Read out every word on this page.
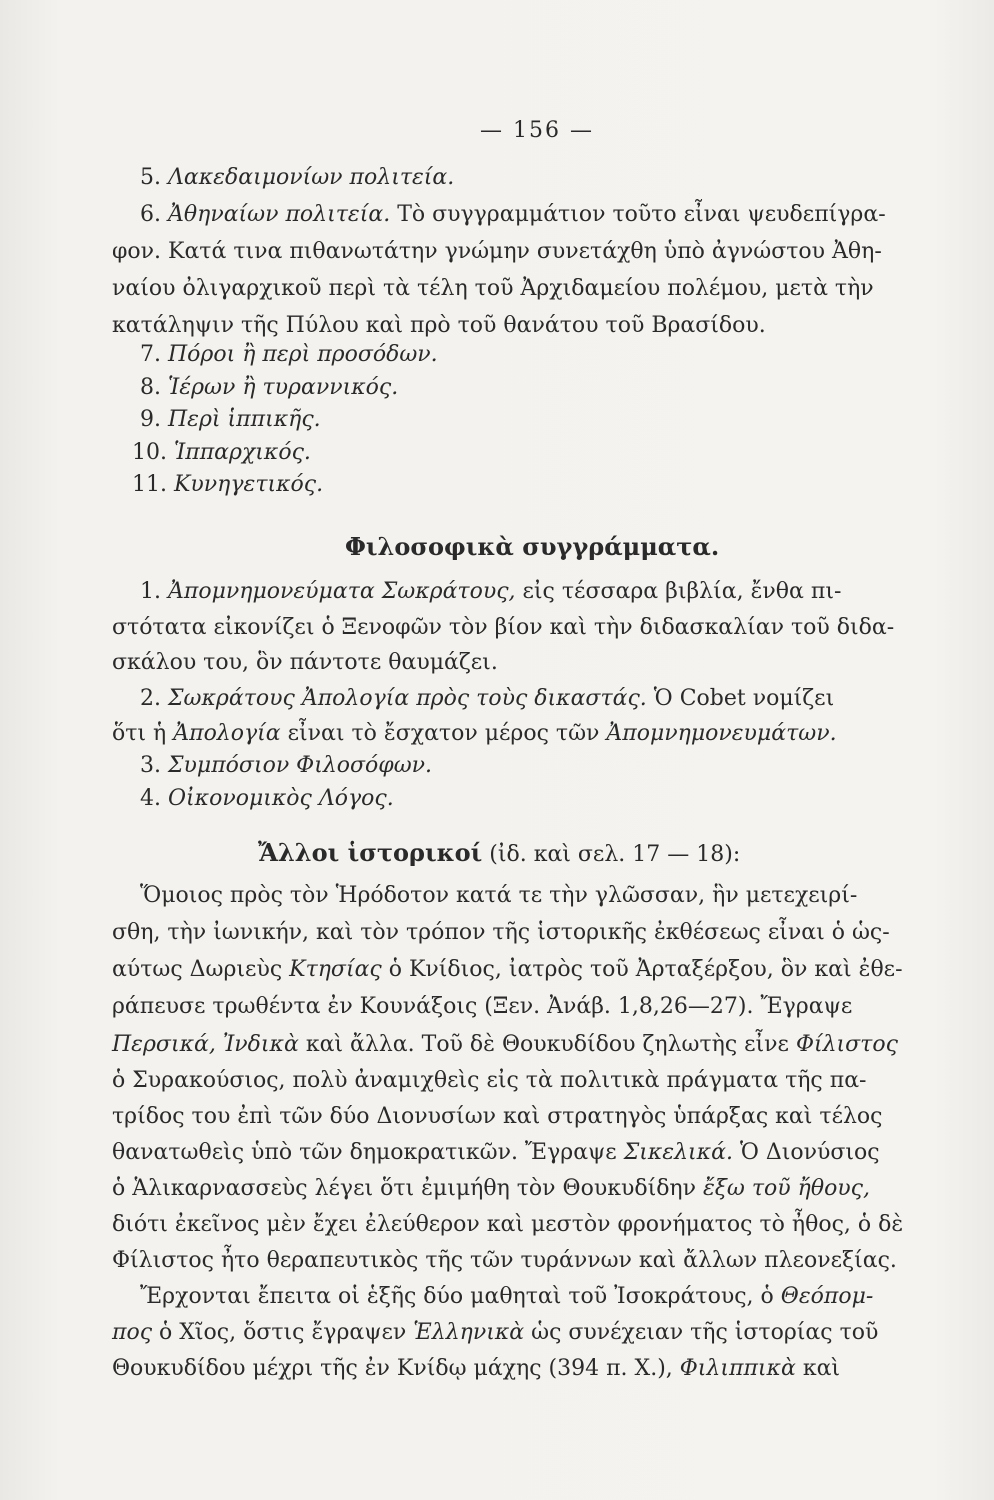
— 156 —
5. Λακεδαιμονίων πολιτεία.
6. Ἀθηναίων πολιτεία. Τὸ συγγραμμάτιον τοῦτο εἶναι ψευδεπίγρα-
φον. Κατά τινα πιθανωτάτην γνώμην συνετάχθη ὑπὸ ἀγνώστου Ἀθη-
ναίου ὀλιγαρχικοῦ περὶ τὰ τέλη τοῦ Ἀρχιδαμείου πολέμου, μετὰ τὴν
κατάληψιν τῆς Πύλου καὶ πρὸ τοῦ θανάτου τοῦ Βρασίδου.
7. Πόροι ἢ περὶ προσόδων.
8. Ἱέρων ἢ τυραννικός.
9. Περὶ ἱππικῆς.
10. Ἱππαρχικός.
11. Κυνηγετικός.
Φιλοσοφικὰ συγγράμματα.
1. Ἀπομνημονεύματα Σωκράτους, εἰς τέσσαρα βιβλία, ἔνθα πι-
στότατα εἰκονίζει ὁ Ξενοφῶν τὸν βίον καὶ τὴν διδασκαλίαν τοῦ διδα-
σκάλου του, ὃν πάντοτε θαυμάζει.
2. Σωκράτους Ἀπολογία πρὸς τοὺς δικαστάς. Ὁ Cobet νομίζει
ὅτι ἡ Ἀπολογία εἶναι τὸ ἔσχατον μέρος τῶν Ἀπομνημονευμάτων.
3. Συμπόσιον Φιλοσόφων.
4. Οἰκονομικὸς Λόγος.
Ἄλλοι ἱστορικοί (ἰδ. καὶ σελ. 17 — 18):
Ὅμοιος πρὸς τὸν Ἡρόδοτον κατά τε τὴν γλῶσσαν, ἣν μετεχειρί-
σθη, τὴν ἰωνικήν, καὶ τὸν τρόπον τῆς ἱστορικῆς ἐκθέσεως εἶναι ὁ ὡς-
αύτως Δωριεὺς Κτησίας ὁ Κνίδιος, ἰατρὸς τοῦ Ἀρταξέρξου, ὃν καὶ ἐθε-
ράπευσε τρωθέντα ἐν Κουνάξοις (Ξεν. Ἀνάβ. 1,8,26—27). Ἔγραψε
Περσικά, Ἰνδικὰ καὶ ἄλλα. Τοῦ δὲ Θουκυδίδου ζηλωτὴς εἶνε Φίλιστος
ὁ Συρακούσιος, πολὺ ἀναμιχθεὶς εἰς τὰ πολιτικὰ πράγματα τῆς πα-
τρίδος του ἐπὶ τῶν δύο Διονυσίων καὶ στρατηγὸς ὑπάρξας καὶ τέλος
θανατωθεὶς ὑπὸ τῶν δημοκρατικῶν. Ἔγραψε Σικελικά. Ὁ Διονύσιος
ὁ Ἁλικαρνασσεὺς λέγει ὅτι ἐμιμήθη τὸν Θουκυδίδην ἔξω τοῦ ἤθους,
διότι ἐκεῖνος μὲν ἔχει ἐλεύθερον καὶ μεστὸν φρονήματος τὸ ἦθος, ὁ δὲ
Φίλιστος ἦτο θεραπευτικὸς τῆς τῶν τυράννων καὶ ἄλλων πλεονεξίας.
Ἔρχονται ἔπειτα οἱ ἑξῆς δύο μαθηταὶ τοῦ Ἰσοκράτους, ὁ Θεόπομ-
πος ὁ Χῖος, ὅστις ἔγραψεν Ἑλληνικὰ ὡς συνέχειαν τῆς ἱστορίας τοῦ
Θουκυδίδου μέχρι τῆς ἐν Κνίδῳ μάχης (394 π. Χ.), Φιλιππικὰ καὶ
